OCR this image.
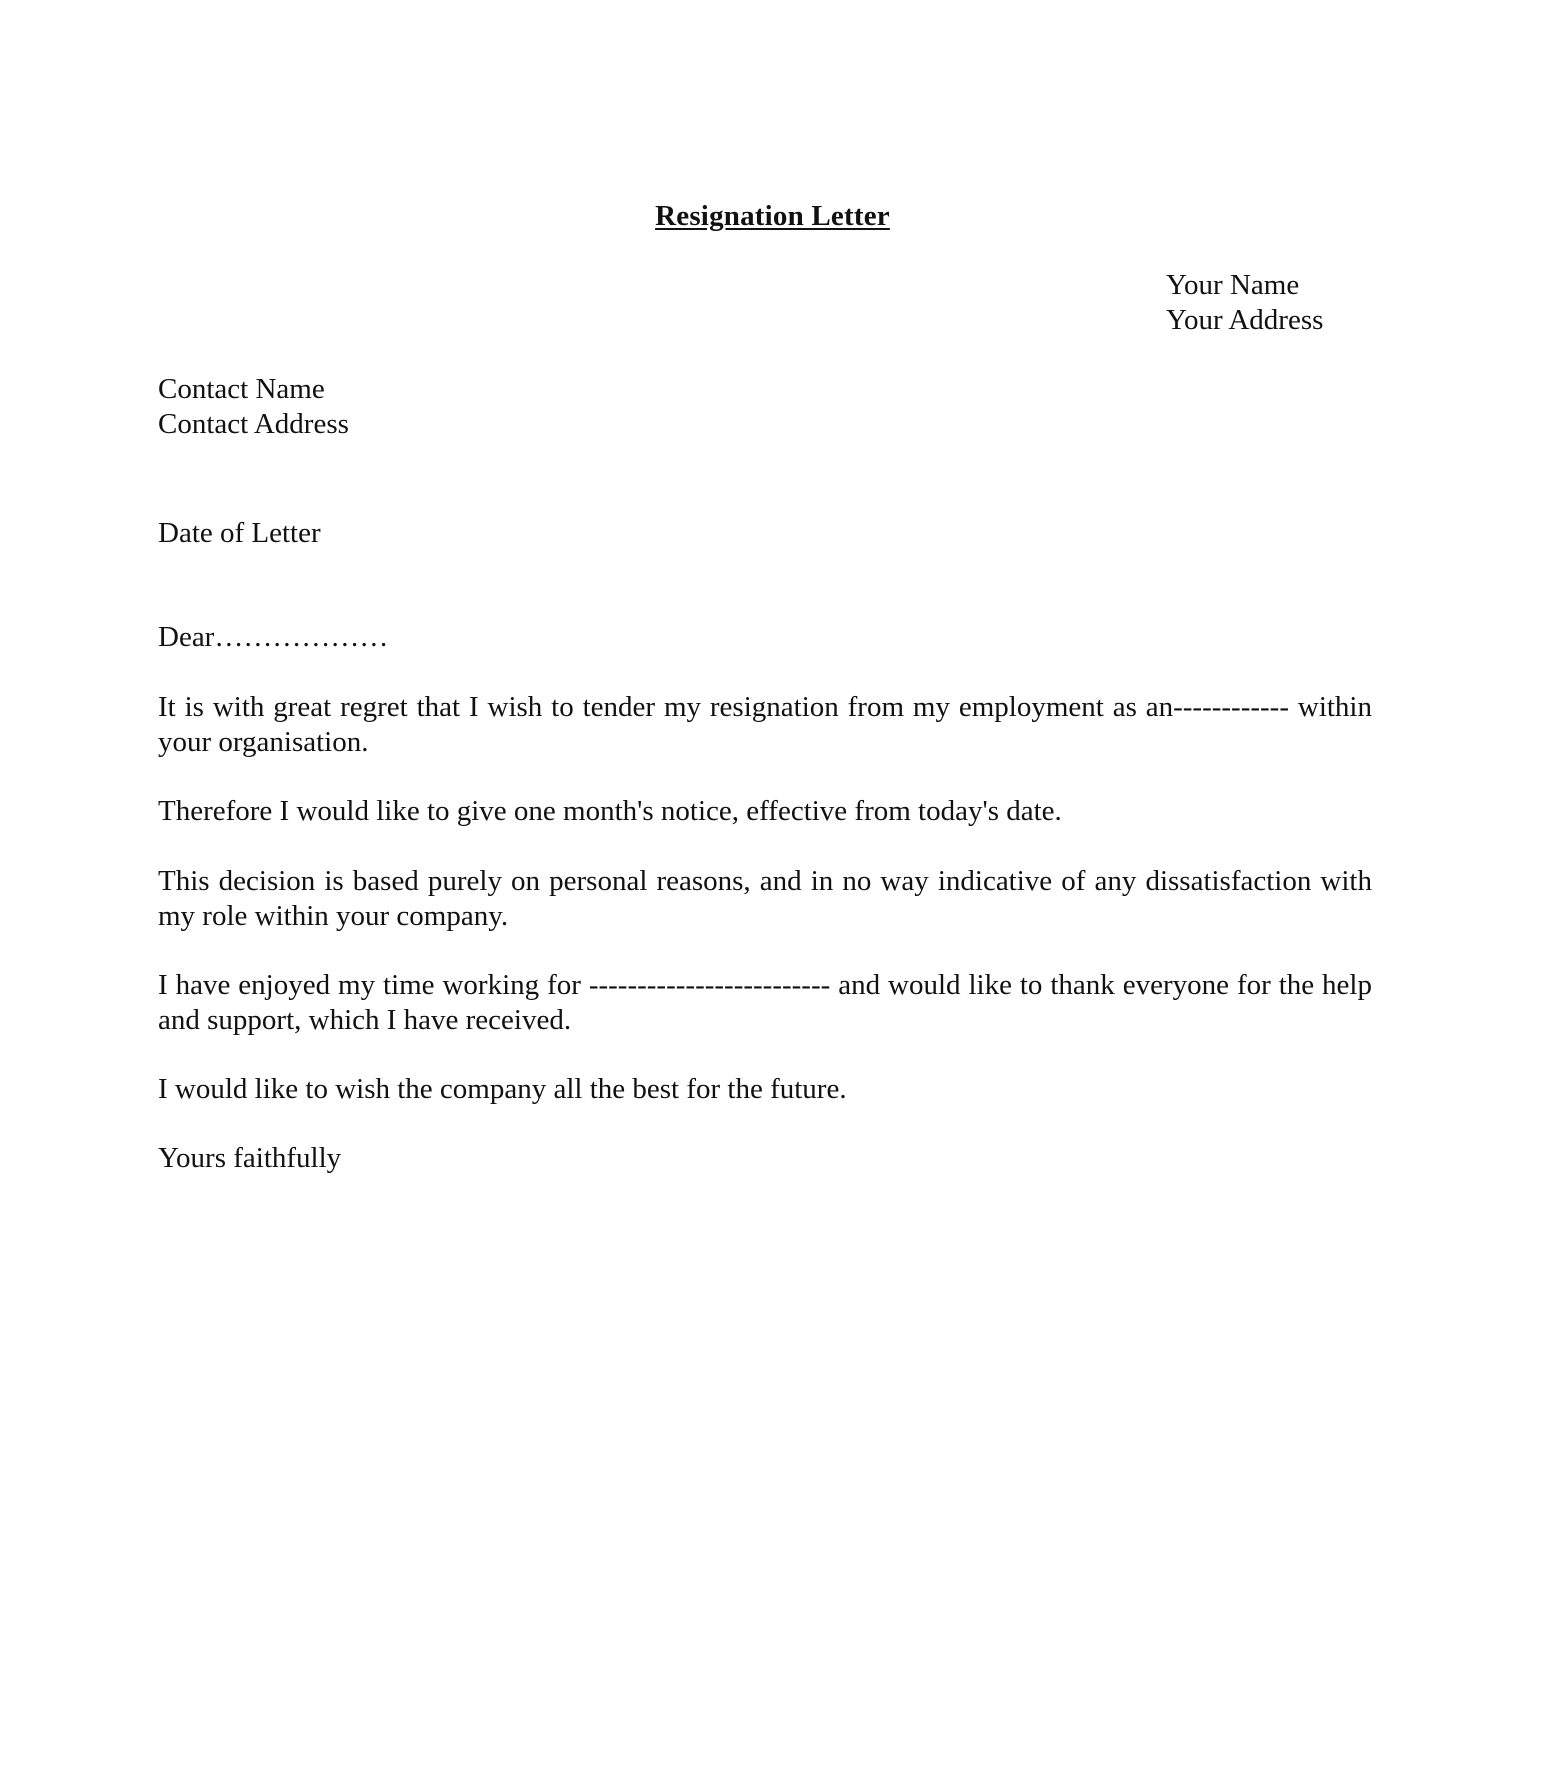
Resignation Letter
Your Name
Your Address
Contact Name
Contact Address
Date of Letter
Dear………………
It is with great regret that I wish to tender my resignation from my employment as an------------ within your organisation.
Therefore I would like to give one month's notice, effective from today's date.
This decision is based purely on personal reasons, and in no way indicative of any dissatisfaction with my role within your company.
I have enjoyed my time working for ------------------------- and would like to thank everyone for the help and support, which I have received.
I would like to wish the company all the best for the future.
Yours faithfully
